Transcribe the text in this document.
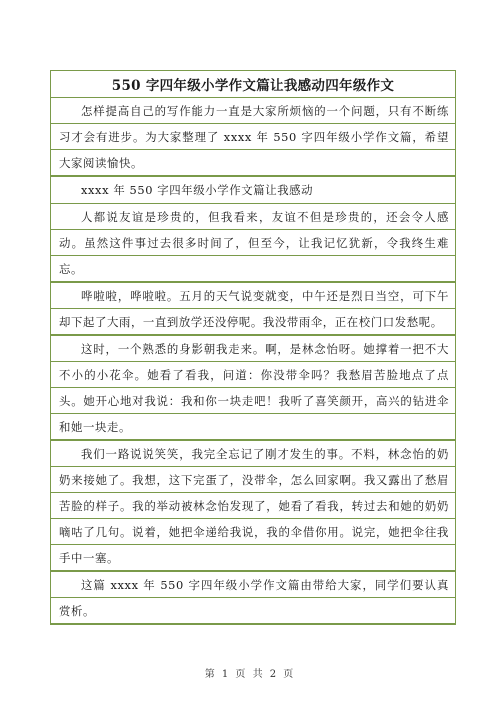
550 字四年级小学作文篇让我感动四年级作文
怎样提高自己的写作能力一直是大家所烦恼的一个问题，只有不断练习才会有进步。为大家整理了 xxxx 年 550 字四年级小学作文篇，希望大家阅读愉快。
xxxx 年 550 字四年级小学作文篇让我感动
人都说友谊是珍贵的，但我看来，友谊不但是珍贵的，还会令人感动。虽然这件事过去很多时间了，但至今，让我记忆犹新，令我终生难忘。
哗啦啦，哗啦啦。五月的天气说变就变，中午还是烈日当空，可下午却下起了大雨，一直到放学还没停呢。我没带雨伞，正在校门口发愁呢。
这时，一个熟悉的身影朝我走来。啊，是林念怡呀。她撑着一把不大不小的小花伞。她看了看我，问道：你没带伞吗？我愁眉苦脸地点了点头。她开心地对我说：我和你一块走吧！我听了喜笑颜开，高兴的钻进伞和她一块走。
我们一路说说笑笑，我完全忘记了刚才发生的事。不料，林念怡的奶奶来接她了。我想，这下完蛋了，没带伞，怎么回家啊。我又露出了愁眉苦脸的样子。我的举动被林念怡发现了，她看了看我，转过去和她的奶奶嘀咕了几句。说着，她把伞递给我说，我的伞借你用。说完，她把伞往我手中一塞。
这篇 xxxx 年 550 字四年级小学作文篇由带给大家，同学们要认真赏析。
第 1 页 共 2 页
